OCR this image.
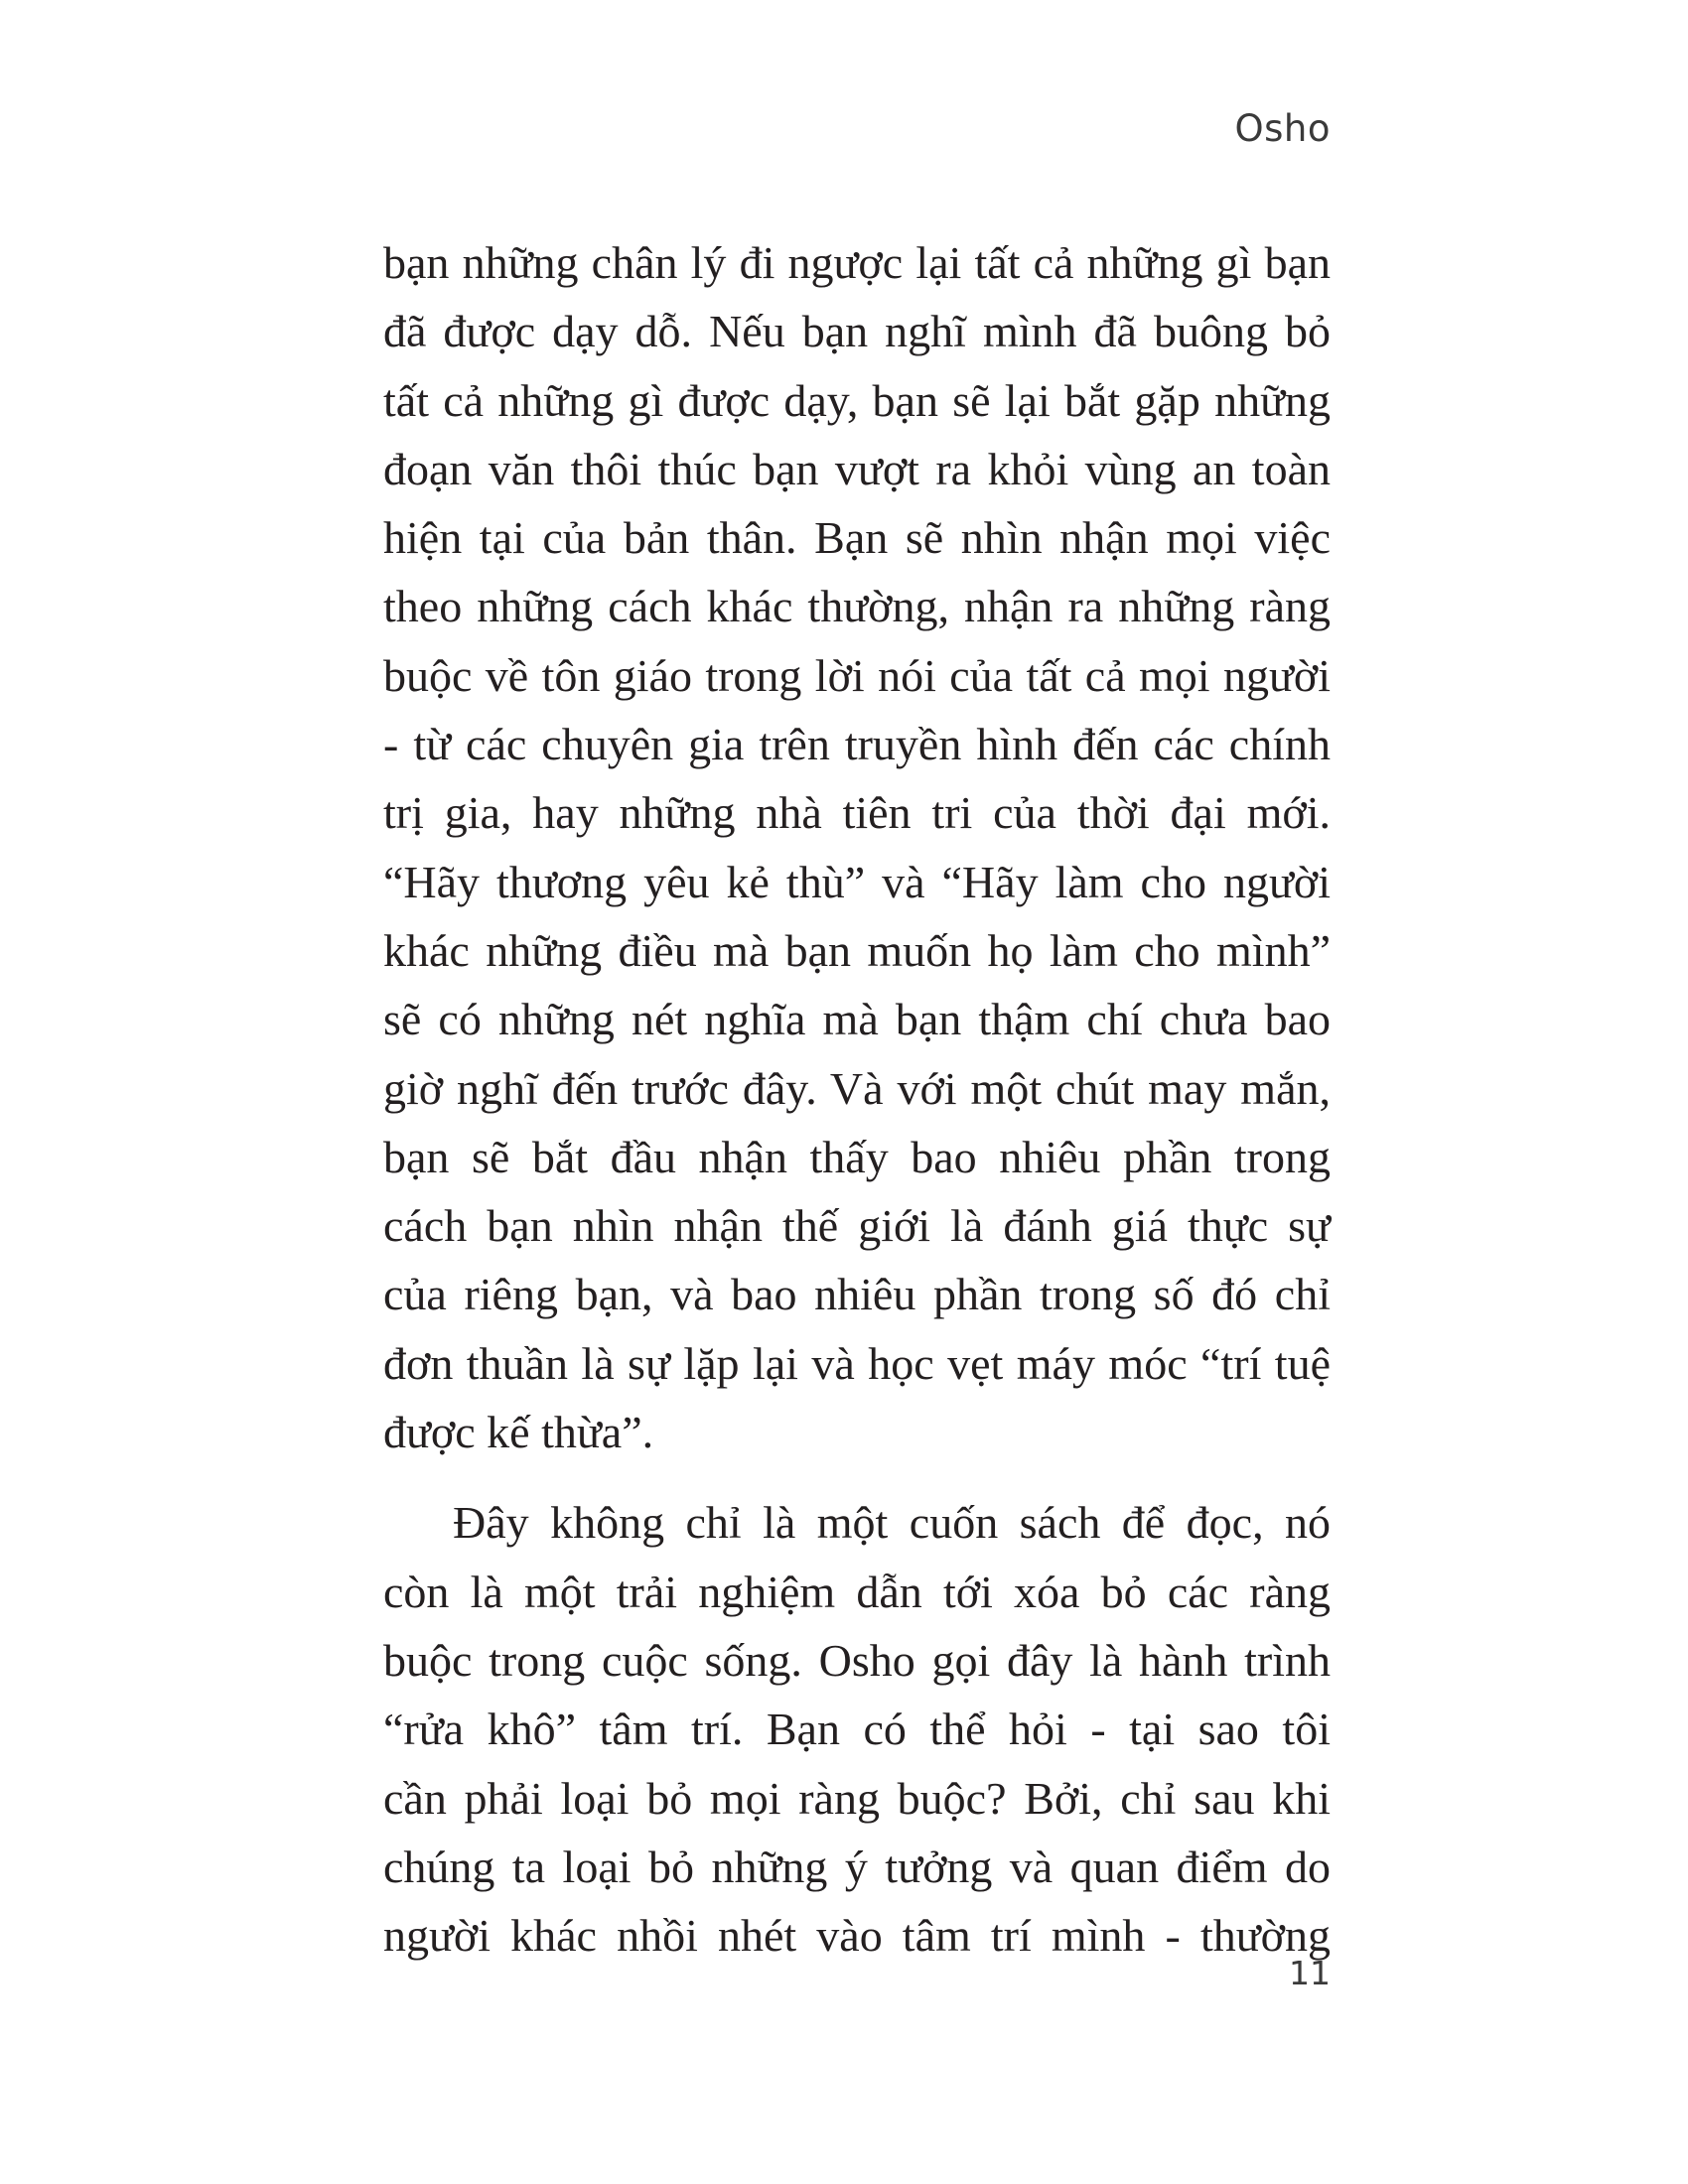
Osho

bạn những chân lý đi ngược lại tất cả những gì bạn
đã được dạy dỗ. Nếu bạn nghĩ mình đã buông bỏ
tất cả những gì được dạy, bạn sẽ lại bắt gặp những
đoạn văn thôi thúc bạn vượt ra khỏi vùng an toàn
hiện tại của bản thân. Bạn sẽ nhìn nhận mọi việc
theo những cách khác thường, nhận ra những ràng
buộc về tôn giáo trong lời nói của tất cả mọi người
- từ các chuyên gia trên truyền hình đến các chính
trị gia, hay những nhà tiên tri của thời đại mới.
“Hãy thương yêu kẻ thù” và “Hãy làm cho người
khác những điều mà bạn muốn họ làm cho mình”
sẽ có những nét nghĩa mà bạn thậm chí chưa bao
giờ nghĩ đến trước đây. Và với một chút may mắn,
bạn sẽ bắt đầu nhận thấy bao nhiêu phần trong
cách bạn nhìn nhận thế giới là đánh giá thực sự
của riêng bạn, và bao nhiêu phần trong số đó chỉ
đơn thuần là sự lặp lại và học vẹt máy móc “trí tuệ
được kế thừa”.

Đây không chỉ là một cuốn sách để đọc, nó
còn là một trải nghiệm dẫn tới xóa bỏ các ràng
buộc trong cuộc sống. Osho gọi đây là hành trình
“rửa khô” tâm trí. Bạn có thể hỏi - tại sao tôi
cần phải loại bỏ mọi ràng buộc? Bởi, chỉ sau khi
chúng ta loại bỏ những ý tưởng và quan điểm do
người khác nhồi nhét vào tâm trí mình - thường

11
